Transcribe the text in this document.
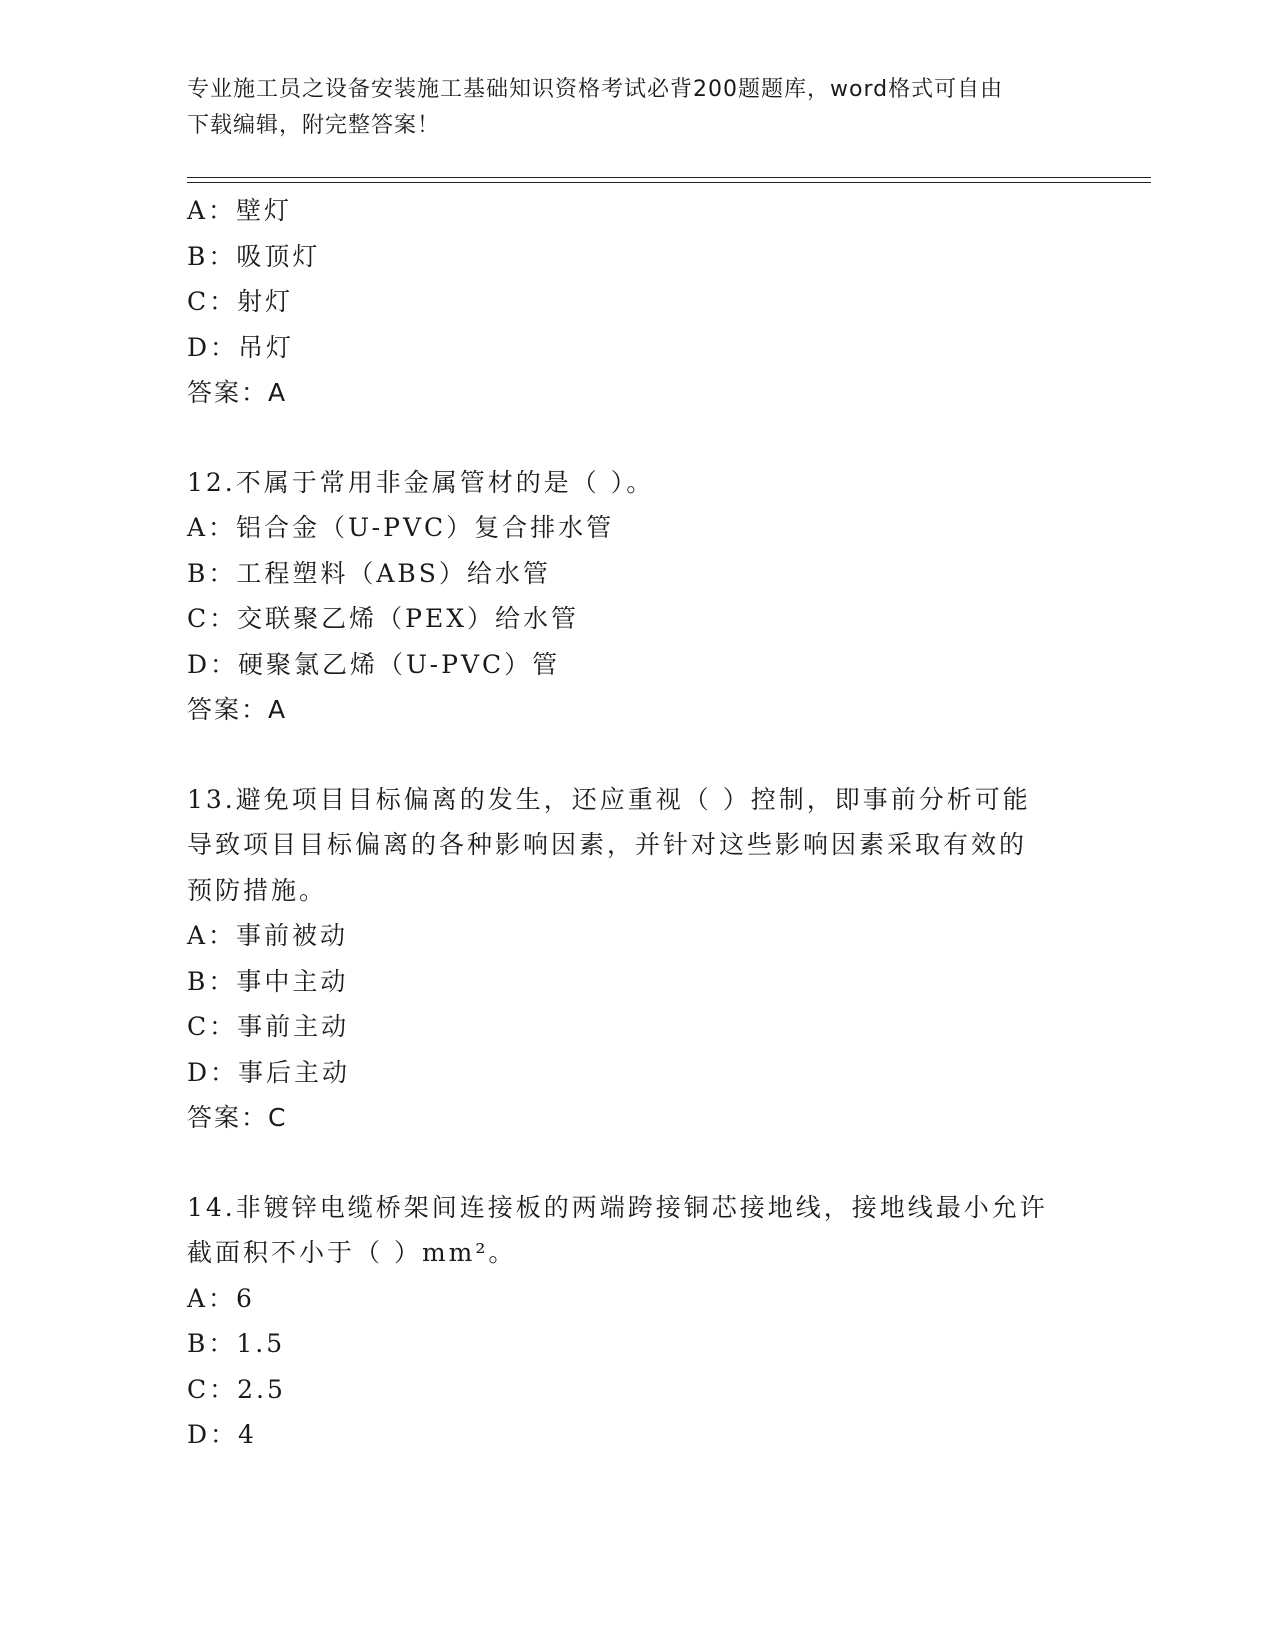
专业施工员之设备安装施工基础知识资格考试必背200题题库，word格式可自由
下载编辑，附完整答案！
A：壁灯
B：吸顶灯
C：射灯
D：吊灯
答案：A
12.不属于常用非金属管材的是（ ）。
A：铝合金（U-PVC）复合排水管
B：工程塑料（ABS）给水管
C：交联聚乙烯（PEX）给水管
D：硬聚氯乙烯（U-PVC）管
答案：A
13.避免项目目标偏离的发生，还应重视（ ）控制，即事前分析可能
导致项目目标偏离的各种影响因素，并针对这些影响因素采取有效的
预防措施。
A：事前被动
B：事中主动
C：事前主动
D：事后主动
答案：C
14.非镀锌电缆桥架间连接板的两端跨接铜芯接地线，接地线最小允许
截面积不小于（ ）mm²。
A：6
B：1.5
C：2.5
D：4
